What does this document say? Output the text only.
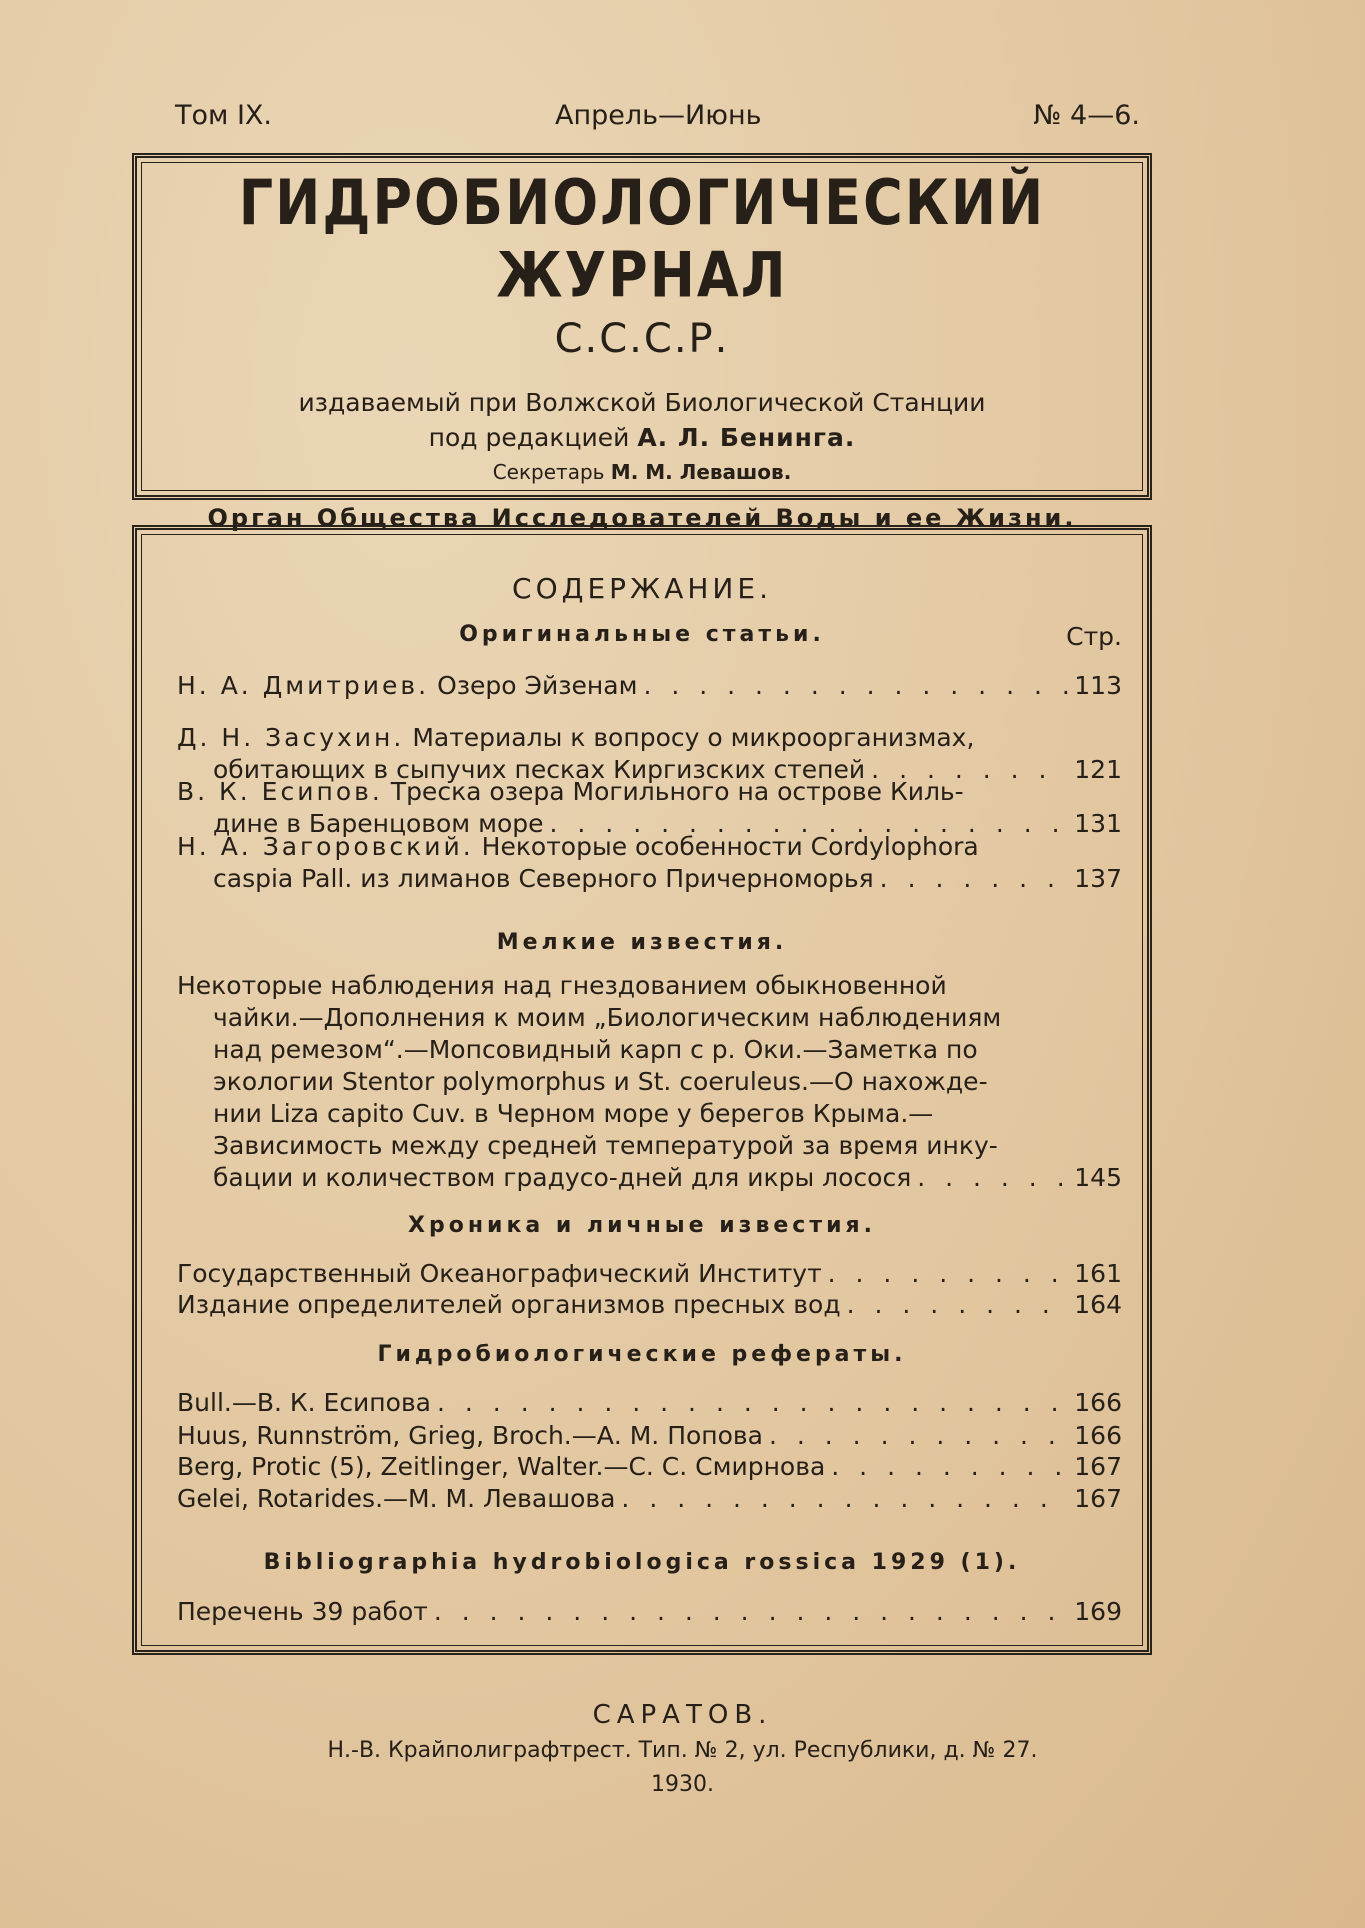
Том IX.	Апрель—Июнь	№ 4—6.
ГИДРОБИОЛОГИЧЕСКИЙ ЖУРНАЛ
С.С.С.Р.
издаваемый при Волжской Биологической Станции
под редакцией А. Л. Бенинга.
Секретарь М. М. Левашов.
Орган Общества Исследователей Воды и ее Жизни.
СОДЕРЖАНИЕ.
Стр.
Оригинальные статьи.
Н. А. Дмитриев. Озеро Эйзенам . . .	113
Д. Н. Засухин. Материалы к вопросу о микроорганизмах,
обитающих в сыпучих песках Киргизских степей . . .	121
В. К. Есипов. Треска озера Могильного на острове Киль-
дине в Баренцовом море . . .	131
Н. А. Загоровский. Некоторые особенности Cordylophora
caspia Pall. из лиманов Северного Причерноморья . . .	137
Мелкие известия.
Некоторые наблюдения над гнездованием обыкновенной
чайки.—Дополнения к моим „Биологическим наблюдениям
над ремезом“.—Мопсовидный карп с р. Оки.—Заметка по
экологии Stentor polymorphus и St. coeruleus.—О нахожде-
нии Liza capito Cuv. в Черном море у берегов Крыма.—
Зависимость между средней температурой за время инку-
бации и количеством градусо-дней для икры лосося . . .	145
Хроника и личные известия.
Государственный Океанографический Институт . . .	161
Издание определителей организмов пресных вод . . .	164
Гидробиологические рефераты.
Bull.—В. К. Есипова . . .	166
Huus, Runnström, Grieg, Broch.—А. М. Попова . . .	166
Berg, Protic (5), Zeitlinger, Walter.—С. С. Смирнова . . .	167
Gelei, Rotarides.—М. М. Левашова . . .	167
Bibliographia hydrobiologica rossica 1929 (1).
Перечень 39 работ . . .	169
САРАТОВ.
Н.-В. Крайполиграфтрест. Тип. № 2, ул. Республики, д. № 27.
1930.
